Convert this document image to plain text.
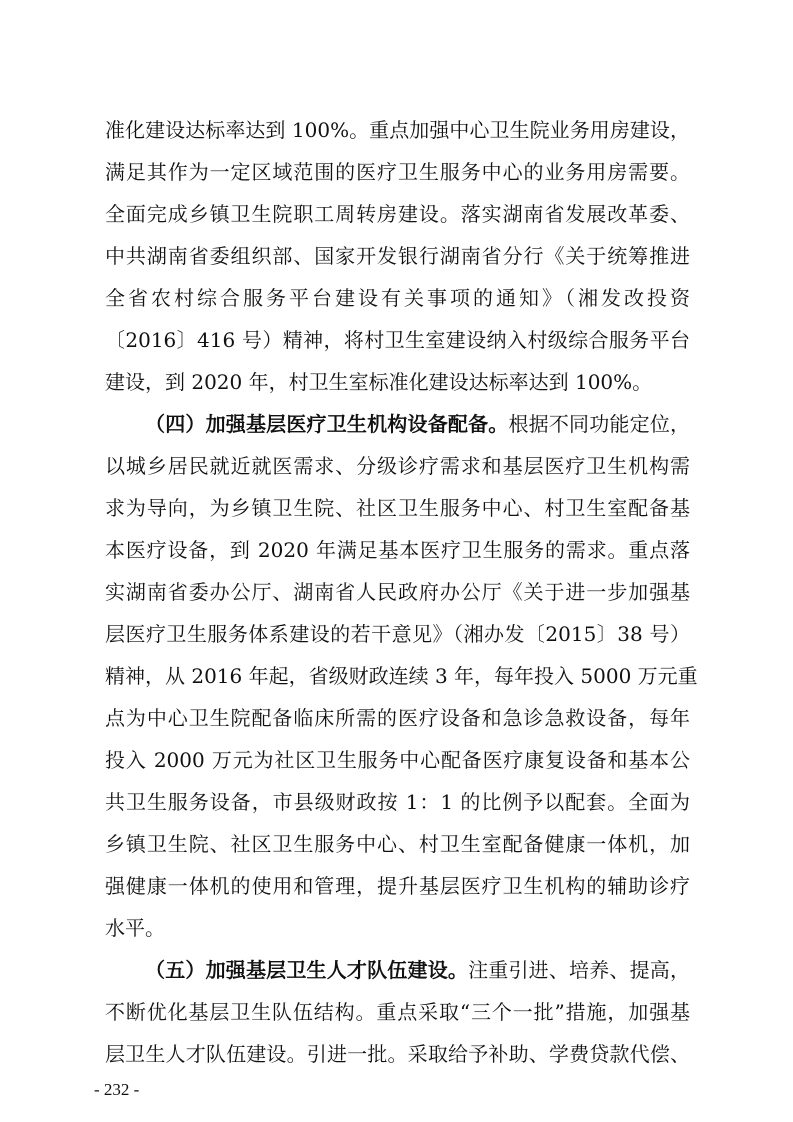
准化建设达标率达到 100%。重点加强中心卫生院业务用房建设，
满足其作为一定区域范围的医疗卫生服务中心的业务用房需要。
全面完成乡镇卫生院职工周转房建设。落实湖南省发展改革委、
中共湖南省委组织部、国家开发银行湖南省分行《关于统筹推进
全省农村综合服务平台建设有关事项的通知》（湘发改投资
〔2016〕416 号）精神，将村卫生室建设纳入村级综合服务平台
建设，到 2020 年，村卫生室标准化建设达标率达到 100%。
（四）加强基层医疗卫生机构设备配备。根据不同功能定位，
以城乡居民就近就医需求、分级诊疗需求和基层医疗卫生机构需
求为导向，为乡镇卫生院、社区卫生服务中心、村卫生室配备基
本医疗设备，到 2020 年满足基本医疗卫生服务的需求。重点落
实湖南省委办公厅、湖南省人民政府办公厅《关于进一步加强基
层医疗卫生服务体系建设的若干意见》（湘办发〔2015〕38 号）
精神，从 2016 年起，省级财政连续 3 年，每年投入 5000 万元重
点为中心卫生院配备临床所需的医疗设备和急诊急救设备，每年
投入 2000 万元为社区卫生服务中心配备医疗康复设备和基本公
共卫生服务设备，市县级财政按 1：1 的比例予以配套。全面为
乡镇卫生院、社区卫生服务中心、村卫生室配备健康一体机，加
强健康一体机的使用和管理，提升基层医疗卫生机构的辅助诊疗
水平。
（五）加强基层卫生人才队伍建设。注重引进、培养、提高，
不断优化基层卫生队伍结构。重点采取“三个一批”措施，加强基
- 232 -
层卫生人才队伍建设。引进一批。采取给予补助、学费贷款代偿、
